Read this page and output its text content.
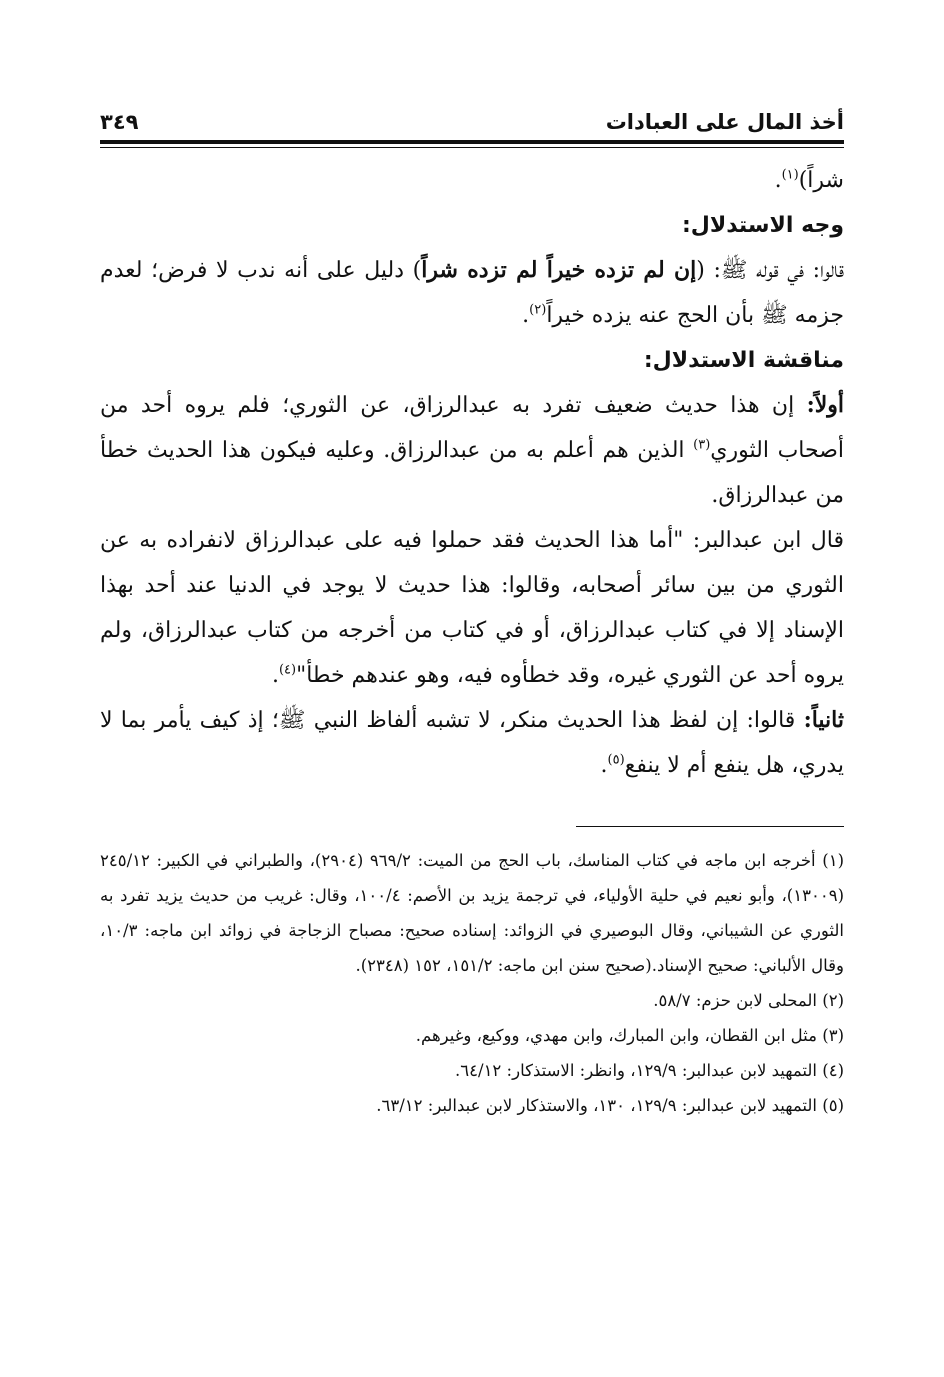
أخذ المال على العبادات
٣٤٩

شراً)$^{(١)}$.

وجه الاستدلال:

قالوا: في قوله ﷺ: (إن لم تزده خيراً لم تزده شراً) دليل على أنه ندب لا فرض؛ لعدم جزمه ﷺ بأن الحج عنه يزده خيراً$^{(٢)}$.

مناقشة الاستدلال:

أولاً: إن هذا حديث ضعيف تفرد به عبدالرزاق، عن الثوري؛ فلم يروه أحد من أصحاب الثوري$^{(٣)}$ الذين هم أعلم به من عبدالرزاق. وعليه فيكون هذا الحديث خطأ من عبدالرزاق.

قال ابن عبدالبر: "أما هذا الحديث فقد حملوا فيه على عبدالرزاق لانفراده به عن الثوري من بين سائر أصحابه، وقالوا: هذا حديث لا يوجد في الدنيا عند أحد بهذا الإسناد إلا في كتاب عبدالرزاق، أو في كتاب من أخرجه من كتاب عبدالرزاق، ولم يروه أحد عن الثوري غيره، وقد خطأوه فيه، وهو عندهم خطأ"$^{(٤)}$.

ثانياً: قالوا: إن لفظ هذا الحديث منكر، لا تشبه ألفاظ النبي ﷺ؛ إذ كيف يأمر بما لا يدري، هل ينفع أم لا ينفع$^{(٥)}$.

(١) أخرجه ابن ماجه في كتاب المناسك، باب الحج من الميت: ٩٦٩/٢ (٢٩٠٤)، والطبراني في الكبير: ٢٤٥/١٢ (١٣٠٠٩)، وأبو نعيم في حلية الأولياء، في ترجمة يزيد بن الأصم: ١٠٠/٤، وقال: غريب من حديث يزيد تفرد به الثوري عن الشيباني، وقال البوصيري في الزوائد: إسناده صحيح: مصباح الزجاجة في زوائد ابن ماجه: ١٠/٣، وقال الألباني: صحيح الإسناد.(صحيح سنن ابن ماجه: ١٥١/٢، ١٥٢ (٢٣٤٨).

(٢) المحلى لابن حزم: ٥٨/٧.

(٣) مثل ابن القطان، وابن المبارك، وابن مهدي، ووكيع، وغيرهم.

(٤) التمهيد لابن عبدالبر: ١٢٩/٩، وانظر: الاستذكار: ٦٤/١٢.

(٥) التمهيد لابن عبدالبر: ١٢٩/٩، ١٣٠، والاستذكار لابن عبدالبر: ٦٣/١٢.
